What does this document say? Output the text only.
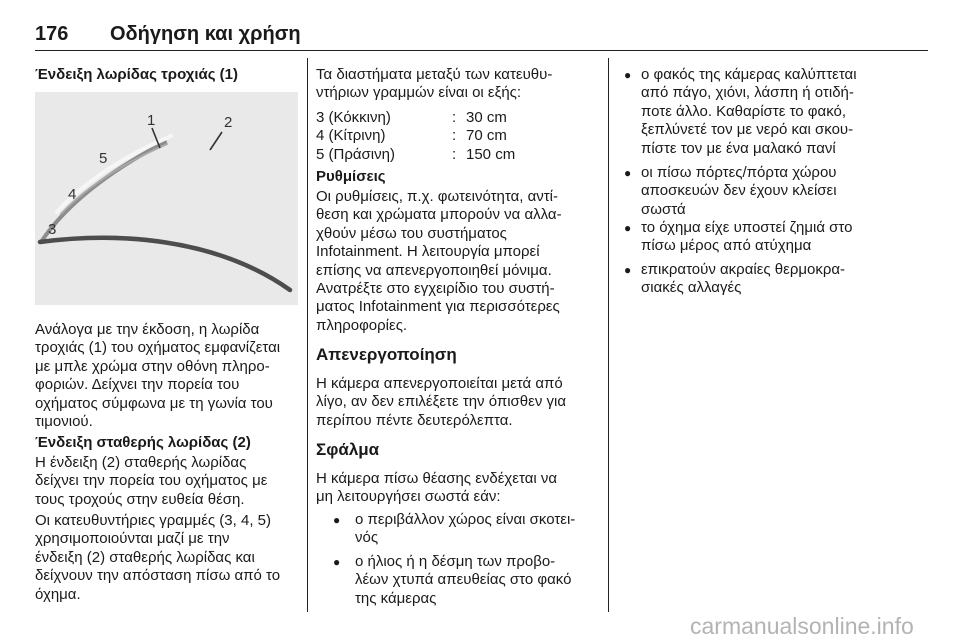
176 Οδήγηση και χρήση
Ένδειξη λωρίδας τροχιάς (1)
1	2
3
4
5
Ανάλογα με την έκδοση, η λωρίδα
τροχιάς (1) του οχήματος εμφανίζεται
με μπλε χρώμα στην οθόνη πληρο-
φοριών. Δείχνει την πορεία του
οχήματος σύμφωνα με τη γωνία του
τιμονιού.
Ένδειξη σταθερής λωρίδας (2)
Η ένδειξη (2) σταθερής λωρίδας
δείχνει την πορεία του οχήματος με
τους τροχούς στην ευθεία θέση.
Οι κατευθυντήριες γραμμές (3, 4, 5)
χρησιμοποιούνται μαζί με την
ένδειξη (2) σταθερής λωρίδας και
δείχνουν την απόσταση πίσω από το
όχημα.
Τα διαστήματα μεταξύ των κατευθυ-
ντήριων γραμμών είναι οι εξής:
3 (Κόκκινη)	: 30 cm
4 (Κίτρινη)	: 70 cm
5 (Πράσινη)	: 150 cm
Ρυθμίσεις
Οι ρυθμίσεις, π.χ. φωτεινότητα, αντί-
θεση και χρώματα μπορούν να αλλα-
χθούν μέσω του συστήματος
Infotainment. Η λειτουργία μπορεί
επίσης να απενεργοποιηθεί μόνιμα.
Ανατρέξτε στο εγχειρίδιο του συστή-
ματος Infotainment για περισσότερες
πληροφορίες.
Απενεργοποίηση
Η κάμερα απενεργοποιείται μετά από
λίγο, αν δεν επιλέξετε την όπισθεν για
περίπου πέντε δευτερόλεπτα.
Σφάλμα
Η κάμερα πίσω θέασης ενδέχεται να
μη λειτουργήσει σωστά εάν:
● ο περιβάλλον χώρος είναι σκοτει-
νός
● ο ήλιος ή η δέσμη των προβο-
λέων χτυπά απευθείας στο φακό
της κάμερας
● ο φακός της κάμερας καλύπτεται
από πάγο, χιόνι, λάσπη ή οτιδή-
ποτε άλλο. Καθαρίστε το φακό,
ξεπλύνετέ τον με νερό και σκου-
πίστε τον με ένα μαλακό πανί
● οι πίσω πόρτες/πόρτα χώρου
αποσκευών δεν έχουν κλείσει
σωστά
● το όχημα είχε υποστεί ζημιά στο
πίσω μέρος από ατύχημα
● επικρατούν ακραίες θερμοκρα-
σιακές αλλαγές
carmanualsonline.info
